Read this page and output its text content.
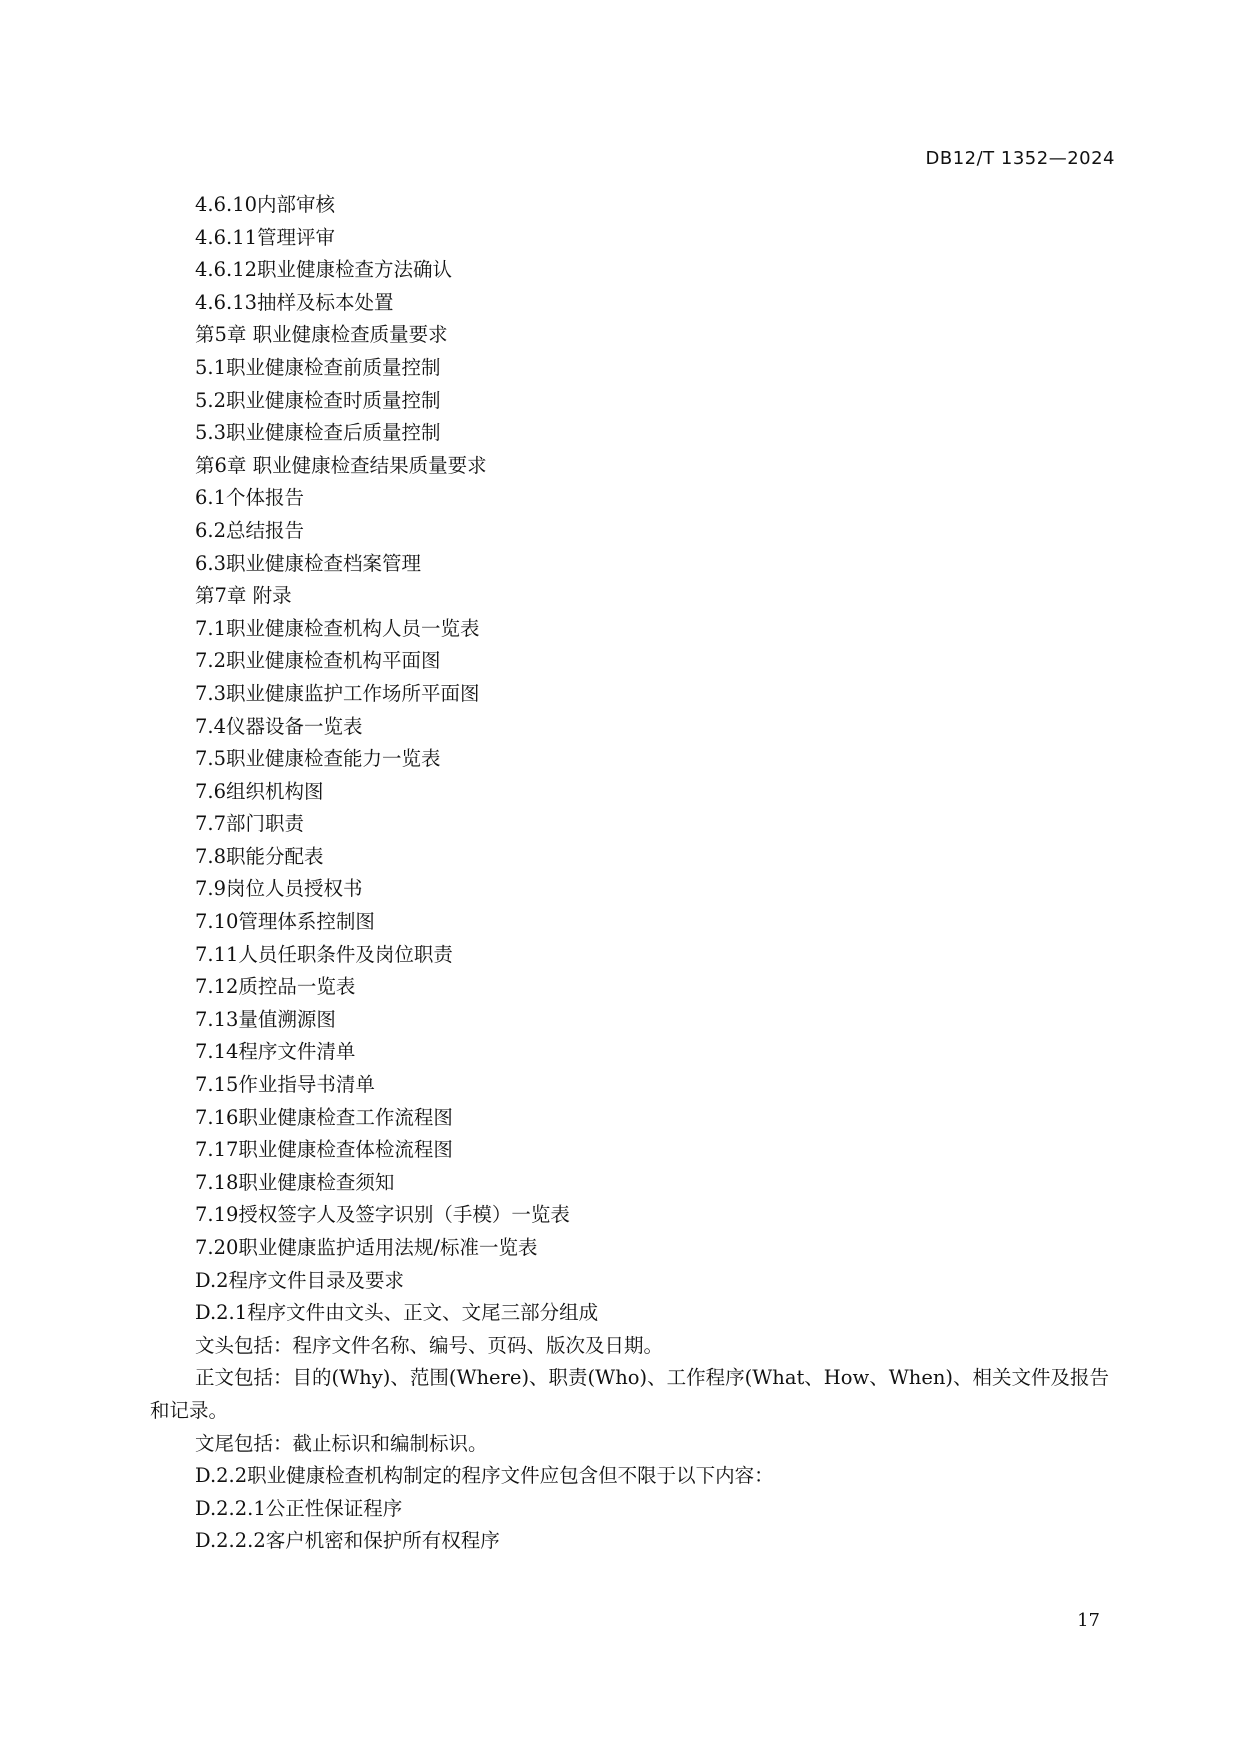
DB12/T 1352—2024
4.6.10内部审核
4.6.11管理评审
4.6.12职业健康检查方法确认
4.6.13抽样及标本处置
第5章 职业健康检查质量要求
5.1职业健康检查前质量控制
5.2职业健康检查时质量控制
5.3职业健康检查后质量控制
第6章 职业健康检查结果质量要求
6.1个体报告
6.2总结报告
6.3职业健康检查档案管理
第7章 附录
7.1职业健康检查机构人员一览表
7.2职业健康检查机构平面图
7.3职业健康监护工作场所平面图
7.4仪器设备一览表
7.5职业健康检查能力一览表
7.6组织机构图
7.7部门职责
7.8职能分配表
7.9岗位人员授权书
7.10管理体系控制图
7.11人员任职条件及岗位职责
7.12质控品一览表
7.13量值溯源图
7.14程序文件清单
7.15作业指导书清单
7.16职业健康检查工作流程图
7.17职业健康检查体检流程图
7.18职业健康检查须知
7.19授权签字人及签字识别（手模）一览表
7.20职业健康监护适用法规/标准一览表
D.2程序文件目录及要求
D.2.1程序文件由文头、正文、文尾三部分组成
文头包括：程序文件名称、编号、页码、版次及日期。
正文包括：目的(Why)、范围(Where)、职责(Who)、工作程序(What、How、When)、相关文件及报告
和记录。
文尾包括：截止标识和编制标识。
D.2.2职业健康检查机构制定的程序文件应包含但不限于以下内容：
D.2.2.1公正性保证程序
D.2.2.2客户机密和保护所有权程序
17
